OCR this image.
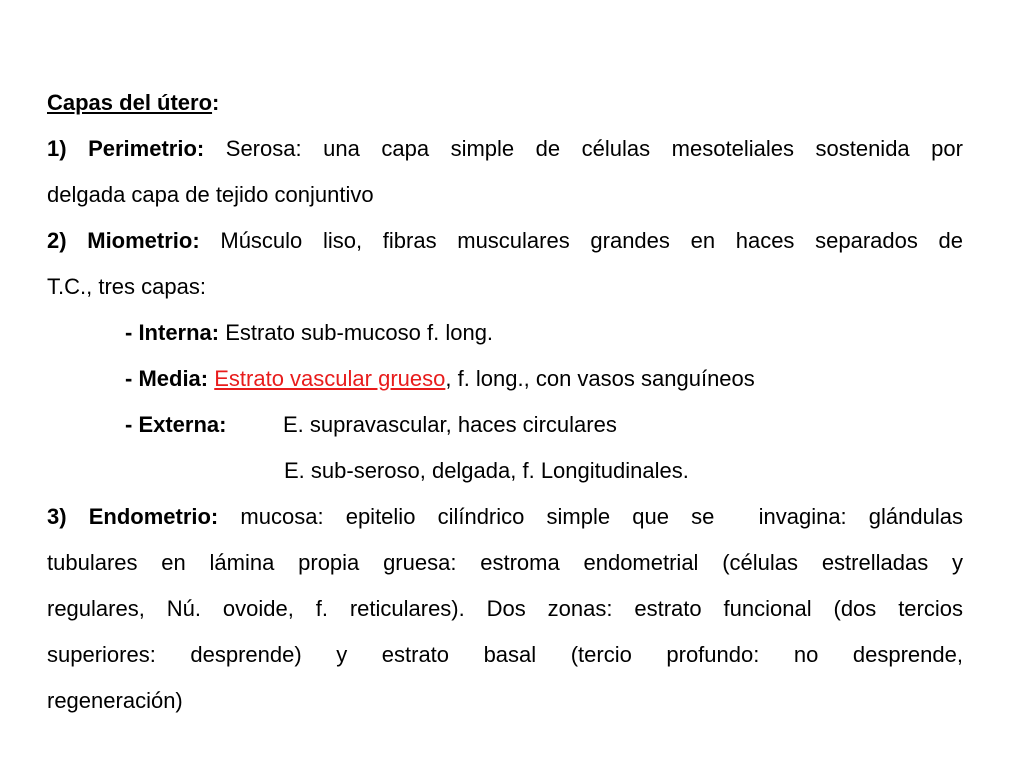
Capas del útero:
1) Perimetrio: Serosa: una capa simple de células mesoteliales sostenida por
delgada capa de tejido conjuntivo
2) Miometrio: Músculo liso, fibras musculares grandes en haces separados de
T.C., tres capas:
- Interna: Estrato sub-mucoso f. long.
- Media: Estrato vascular grueso, f. long., con vasos sanguíneos
- Externa:	E. supravascular, haces circulares
E. sub-seroso, delgada, f. Longitudinales.
3) Endometrio: mucosa: epitelio cilíndrico simple que se  invagina: glándulas
tubulares en lámina propia gruesa: estroma endometrial (células estrelladas y
regulares, Nú. ovoide, f. reticulares). Dos zonas: estrato funcional (dos tercios
superiores: desprende) y estrato basal (tercio profundo: no desprende,
regeneración)
